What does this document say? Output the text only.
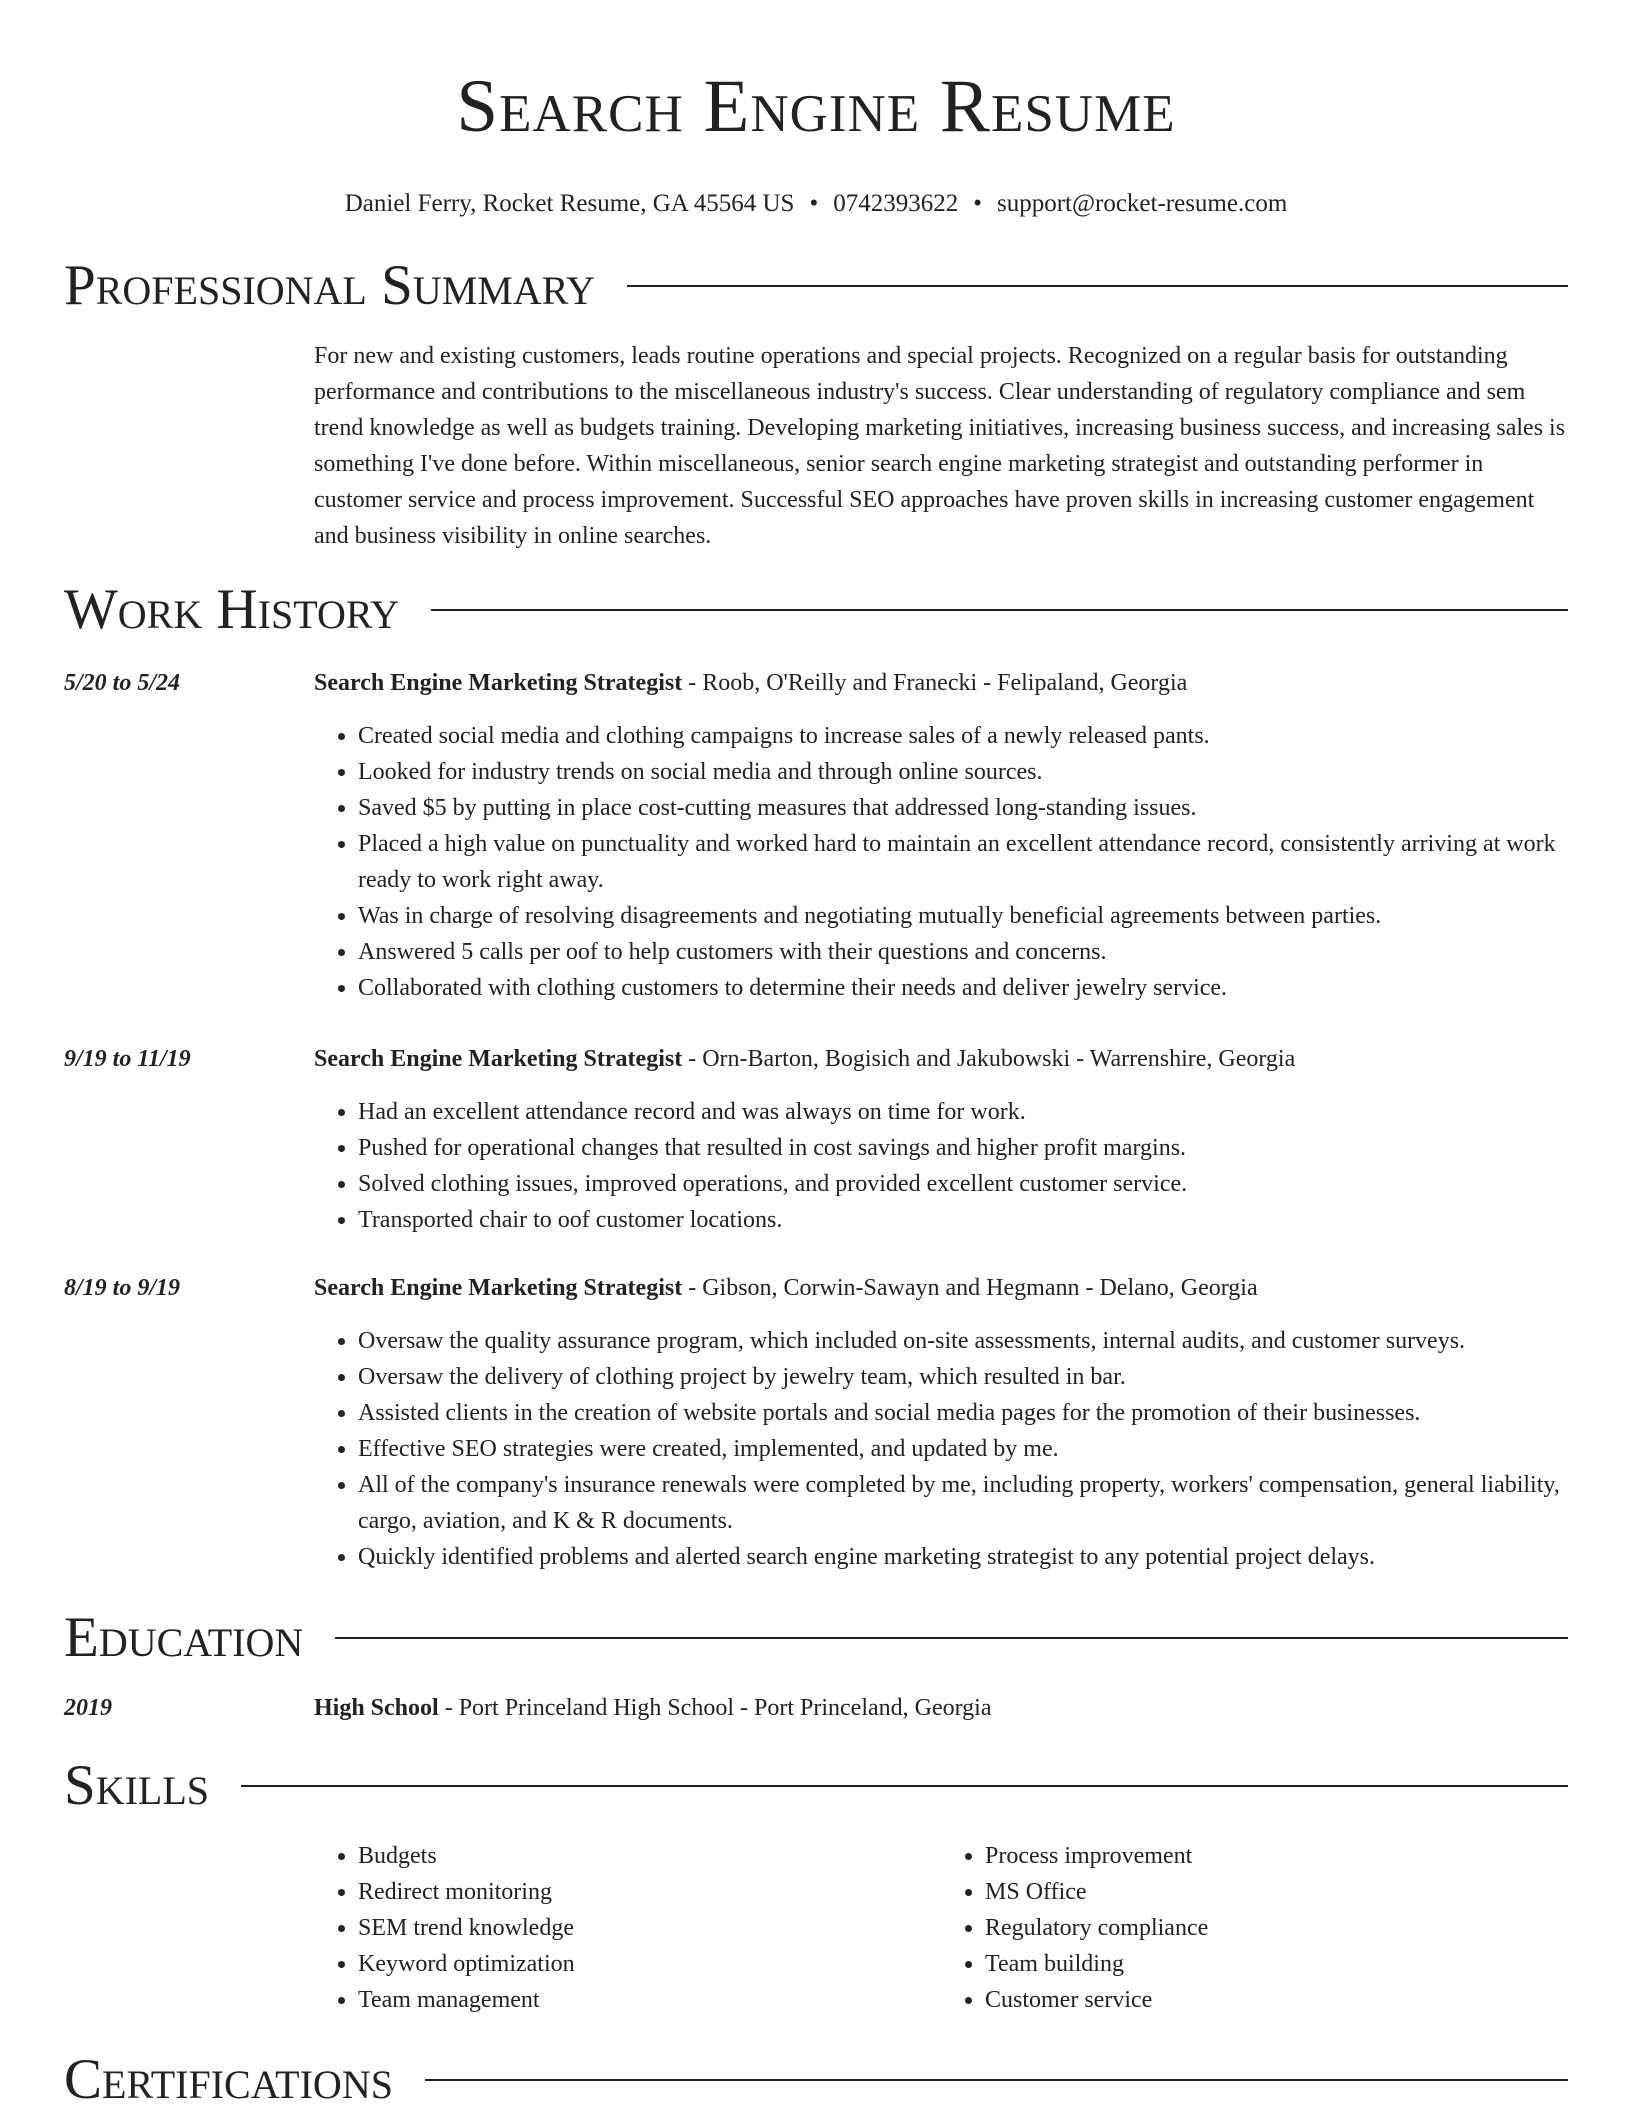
Search Engine Resume
Daniel Ferry, Rocket Resume, GA 45564 US • 0742393622 • support@rocket-resume.com
Professional Summary

For new and existing customers, leads routine operations and special projects. Recognized on a regular basis for outstanding performance and contributions to the miscellaneous industry's success. Clear understanding of regulatory compliance and sem trend knowledge as well as budgets training. Developing marketing initiatives, increasing business success, and increasing sales is something I've done before. Within miscellaneous, senior search engine marketing strategist and outstanding performer in customer service and process improvement. Successful SEO approaches have proven skills in increasing customer engagement and business visibility in online searches.

Work History
5/20 to 5/24	Search Engine Marketing Strategist - Roob, O'Reilly and Franecki - Felipaland, Georgia
• Created social media and clothing campaigns to increase sales of a newly released pants.
• Looked for industry trends on social media and through online sources.
• Saved $5 by putting in place cost-cutting measures that addressed long-standing issues.
• Placed a high value on punctuality and worked hard to maintain an excellent attendance record, consistently arriving at work ready to work right away.
• Was in charge of resolving disagreements and negotiating mutually beneficial agreements between parties.
• Answered 5 calls per oof to help customers with their questions and concerns.
• Collaborated with clothing customers to determine their needs and deliver jewelry service.
9/19 to 11/19	Search Engine Marketing Strategist - Orn-Barton, Bogisich and Jakubowski - Warrenshire, Georgia
• Had an excellent attendance record and was always on time for work.
• Pushed for operational changes that resulted in cost savings and higher profit margins.
• Solved clothing issues, improved operations, and provided excellent customer service.
• Transported chair to oof customer locations.
8/19 to 9/19	Search Engine Marketing Strategist - Gibson, Corwin-Sawayn and Hegmann - Delano, Georgia
• Oversaw the quality assurance program, which included on-site assessments, internal audits, and customer surveys.
• Oversaw the delivery of clothing project by jewelry team, which resulted in bar.
• Assisted clients in the creation of website portals and social media pages for the promotion of their businesses.
• Effective SEO strategies were created, implemented, and updated by me.
• All of the company's insurance renewals were completed by me, including property, workers' compensation, general liability, cargo, aviation, and K & R documents.
• Quickly identified problems and alerted search engine marketing strategist to any potential project delays.
Education
2019	High School - Port Princeland High School - Port Princeland, Georgia
Skills
• Budgets
• Redirect monitoring
• SEM trend knowledge
• Keyword optimization
• Team management
• Process improvement
• MS Office
• Regulatory compliance
• Team building
• Customer service
Certifications
